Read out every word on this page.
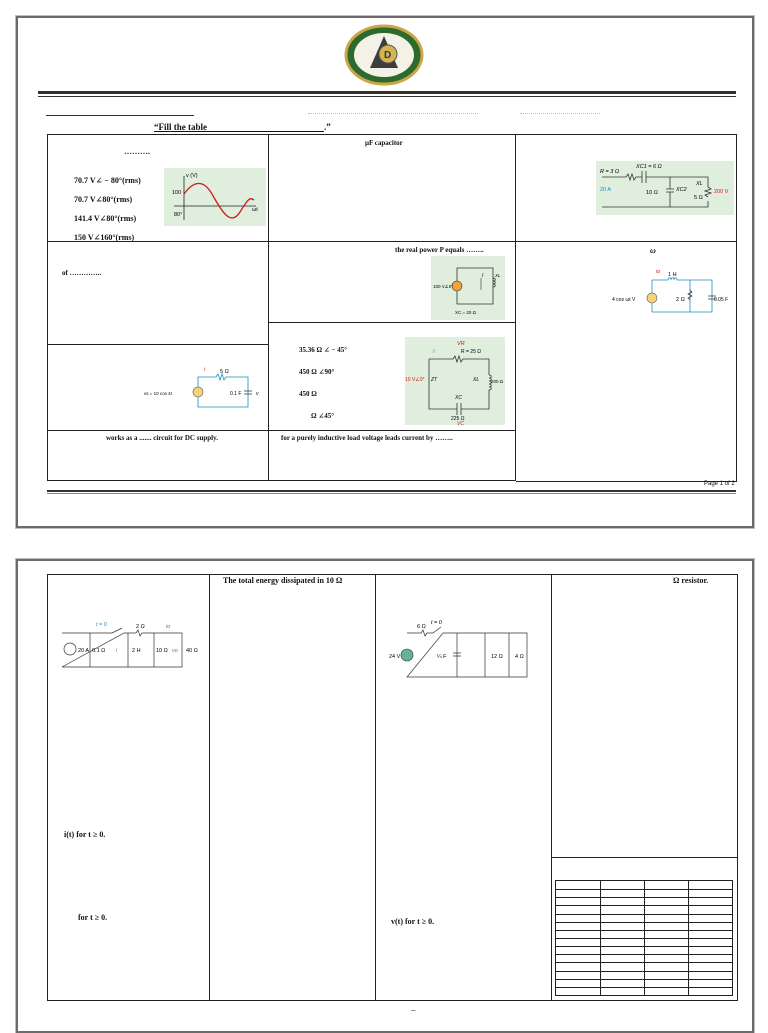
D
“Fill the table	.”
……….
70.7 V∠ − 80°(rms)
70.7 V∠80°(rms)
141.4 V∠80°(rms)
150 V∠160°(rms)
v (V)
100
ωt
80°
µF capacitor
R = 3 Ω
XC1 = 6 Ω
20 A	10 Ω	XC2
XL
5 Ω
200 V
of …………..
the real power P equals ……..
100 V∠0°
I	XL
XC = 20 Ω
ω
io 1 H
4 cos ωt V	2 Ω	0.05 F
35.36 Ω ∠ − 45°
450 Ω ∠90°
450 Ω
Ω ∠45°
VR
I	R = 25 Ω
10 V∠0° ZT	XL	200 Ω
XC
225 Ω
VC
i	5 Ω
vs = 10 cos 4t	0.1 F	v
works as a ....... circuit for DC supply.	for a purely inductive load voltage leads current by ……..
Page 1 of 2
t = 0	2 Ω
20 A 0.1 Ω i	2 H	10 Ω vo 40 Ω
io
i(t) for t ≥ 0.
for t ≥ 0.
The total energy dissipated in 10 Ω
t = 0
6 Ω
24 V	¼ F	12 Ω 4 Ω
v(t) for t ≥ 0.
Ω resistor.
–
